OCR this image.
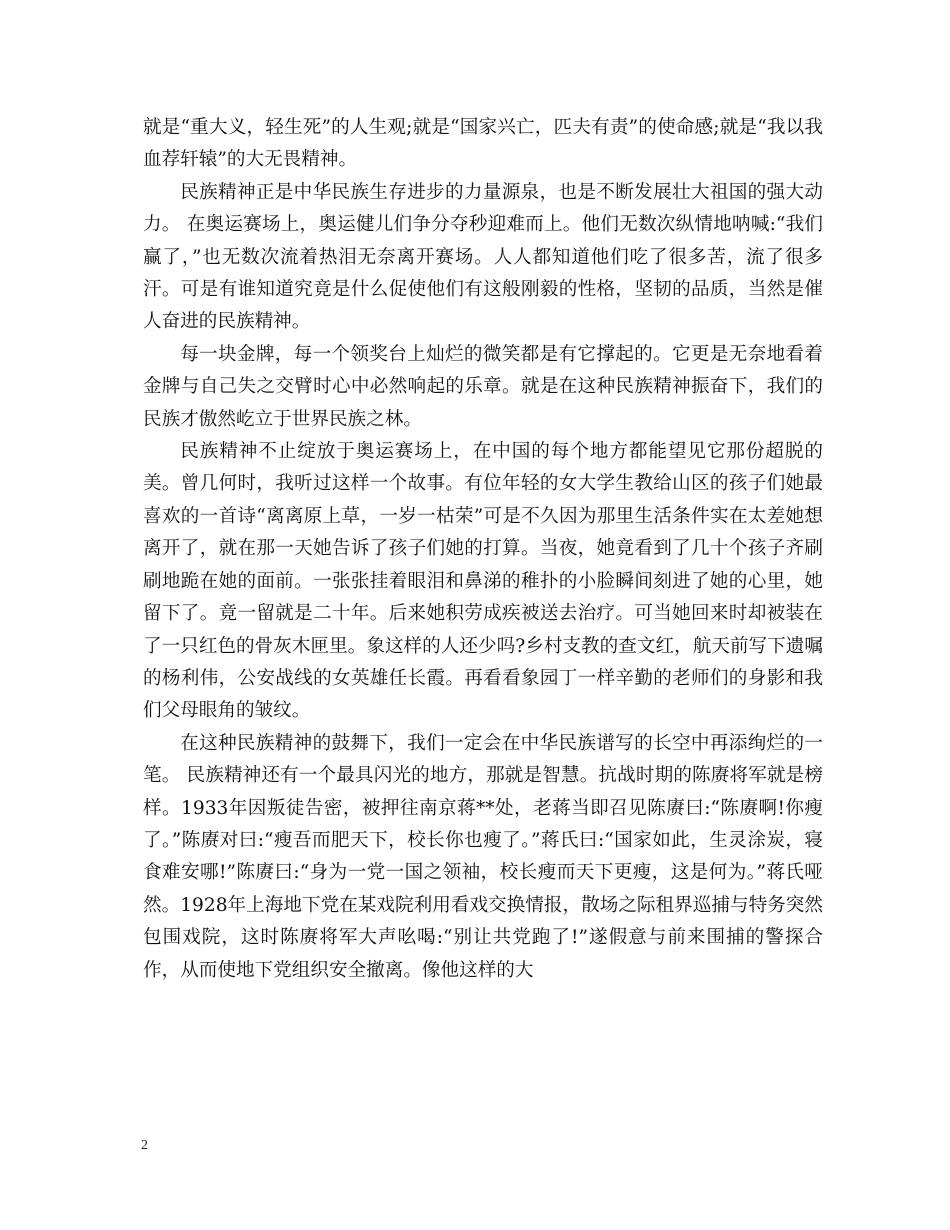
就是“重大义，轻生死”的人生观;就是“国家兴亡，匹夫有责”的使命感;就是“我以我血荐轩辕”的大无畏精神。

民族精神正是中华民族生存进步的力量源泉，也是不断发展壮大祖国的强大动力。 在奥运赛场上，奥运健儿们争分夺秒迎难而上。他们无数次纵情地呐喊:“我们赢了，”也无数次流着热泪无奈离开赛场。人人都知道他们吃了很多苦，流了很多汗。可是有谁知道究竟是什么促使他们有这般刚毅的性格，坚韧的品质，当然是催人奋进的民族精神。

每一块金牌，每一个领奖台上灿烂的微笑都是有它撑起的。它更是无奈地看着金牌与自己失之交臂时心中必然响起的乐章。就是在这种民族精神振奋下，我们的民族才傲然屹立于世界民族之林。

民族精神不止绽放于奥运赛场上，在中国的每个地方都能望见它那份超脱的美。曾几何时，我听过这样一个故事。有位年轻的女大学生教给山区的孩子们她最喜欢的一首诗“离离原上草，一岁一枯荣”可是不久因为那里生活条件实在太差她想离开了，就在那一天她告诉了孩子们她的打算。当夜，她竟看到了几十个孩子齐刷刷地跪在她的面前。一张张挂着眼泪和鼻涕的稚扑的小脸瞬间刻进了她的心里，她留下了。竟一留就是二十年。后来她积劳成疾被送去治疗。可当她回来时却被装在了一只红色的骨灰木匣里。象这样的人还少吗?乡村支教的查文红，航天前写下遗嘱的杨利伟，公安战线的女英雄任长霞。再看看象园丁一样辛勤的老师们的身影和我们父母眼角的皱纹。

在这种民族精神的鼓舞下，我们一定会在中华民族谱写的长空中再添绚烂的一笔。 民族精神还有一个最具闪光的地方，那就是智慧。抗战时期的陈赓将军就是榜样。1933年因叛徒告密，被押往南京蒋**处，老蒋当即召见陈赓曰:“陈赓啊!你瘦了。”陈赓对曰:“瘦吾而肥天下，校长你也瘦了。”蒋氏曰:“国家如此，生灵涂炭，寝食难安哪!”陈赓曰:“身为一党一国之领袖，校长瘦而天下更瘦，这是何为。”蒋氏哑然。1928年上海地下党在某戏院利用看戏交换情报，散场之际租界巡捕与特务突然包围戏院，这时陈赓将军大声吆喝:“别让共党跑了!”遂假意与前来围捕的警探合作，从而使地下党组织安全撤离。像他这样的大

2
